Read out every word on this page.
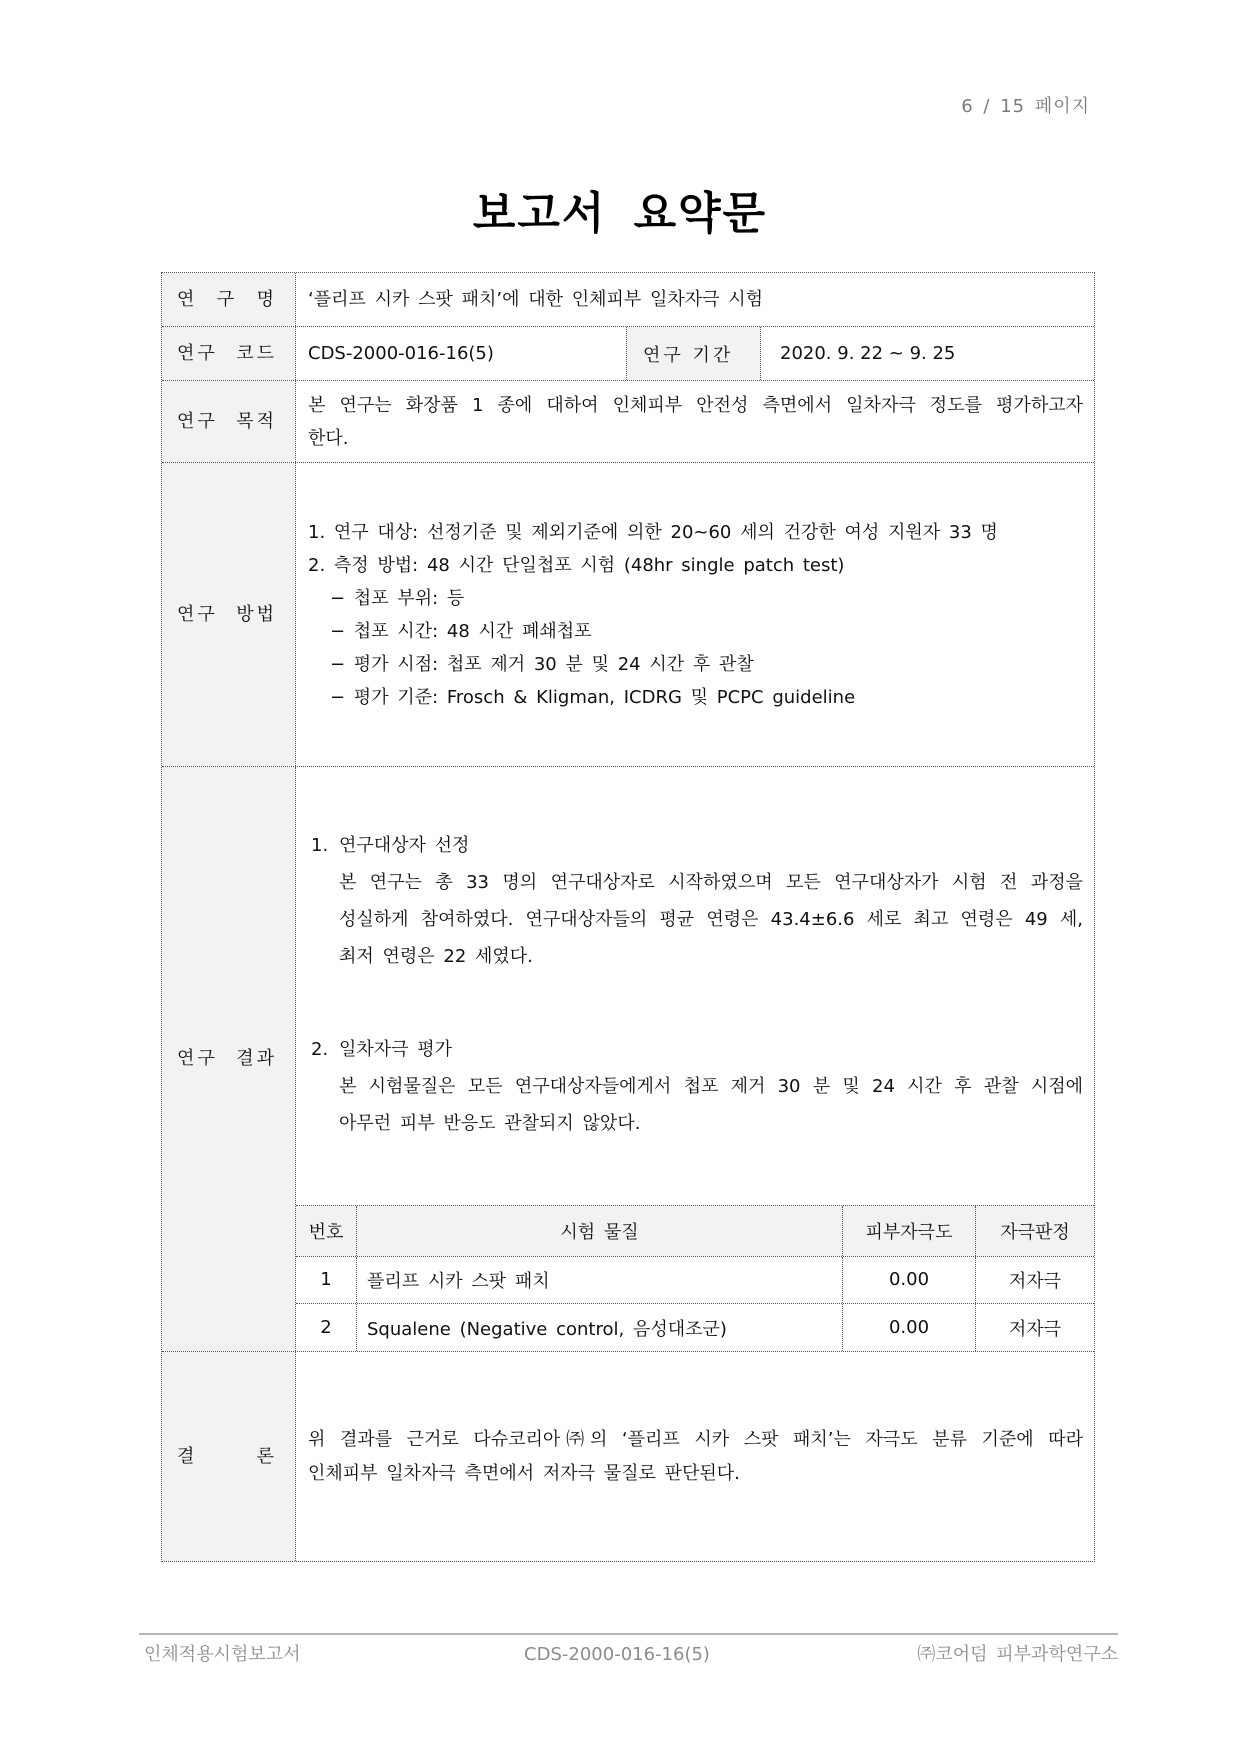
6 / 15 페이지
보고서 요약문
연 구 명 ‘플리프 시카 스팟 패치’에 대한 인체피부 일차자극 시험
연구 코드 CDS-2000-016-16(5)	연구 기간	2020. 9. 22 ~ 9. 25
연구 목적
본 연구는 화장품 1 종에 대하여 인체피부 안전성 측면에서 일차자극 정도를 평가하고자
한다.
연구 방법
1. 연구 대상: 선정기준 및 제외기준에 의한 20~60 세의 건강한 여성 지원자 33 명
2. 측정 방법: 48 시간 단일첩포 시험 (48hr single patch test)
− 첩포 부위: 등
− 첩포 시간: 48 시간 폐쇄첩포
− 평가 시점: 첩포 제거 30 분 및 24 시간 후 관찰
− 평가 기준: Frosch & Kligman, ICDRG 및 PCPC guideline
연구 결과
1. 연구대상자 선정
본 연구는 총 33 명의 연구대상자로 시작하였으며 모든 연구대상자가 시험 전 과정을
성실하게 참여하였다. 연구대상자들의 평균 연령은 43.4±6.6 세로 최고 연령은 49 세,
최저 연령은 22 세였다.
2. 일차자극 평가
본 시험물질은 모든 연구대상자들에게서 첩포 제거 30 분 및 24 시간 후 관찰 시점에
아무런 피부 반응도 관찰되지 않았다.
번호	시험 물질	피부자극도	자극판정
1	플리프 시카 스팟 패치	0.00	저자극
2	Squalene (Negative control, 음성대조군)	0.00	저자극
결 론
위 결과를 근거로 다슈코리아㈜의 ‘플리프 시카 스팟 패치’는 자극도 분류 기준에 따라
인체피부 일차자극 측면에서 저자극 물질로 판단된다.
인체적용시험보고서	CDS-2000-016-16(5)	㈜코어덤 피부과학연구소
